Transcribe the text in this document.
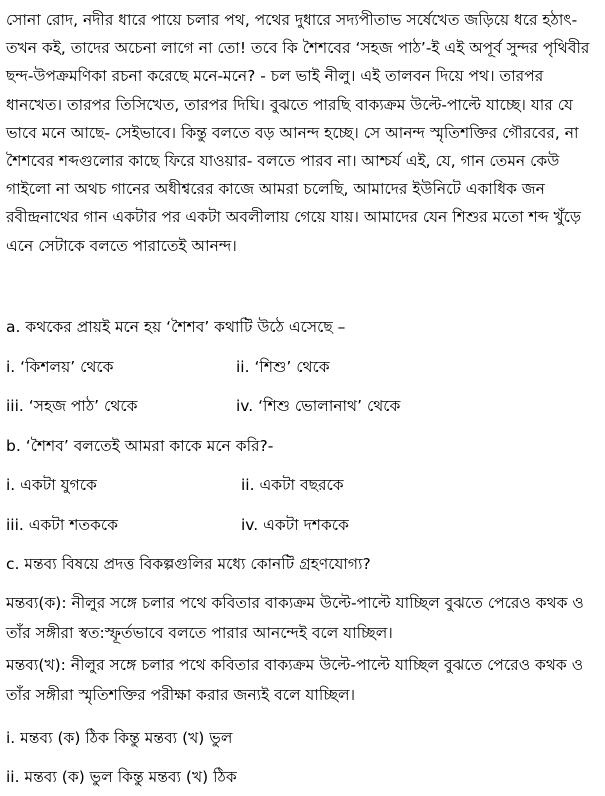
সোনা রোদ, নদীর ধারে পায়ে চলার পথ, পথের দুধারে সদ্যপীতাভ সর্ষেখেত জড়িয়ে ধরে হঠাৎ- তখন কই, তাদের অচেনা লাগে না তো! তবে কি শৈশবের ‘সহজ পাঠ’-ই এই অপূর্ব সুন্দর পৃথিবীর ছন্দ-উপক্রমণিকা রচনা করেছে মনে-মনে? - চল ভাই নীলু। এই তালবন দিয়ে পথ। তারপর ধানখেত। তারপর তিসিখেত, তারপর দিঘি। বুঝতে পারছি বাক্যক্রম উল্টে-পাল্টে যাচ্ছে। যার যে ভাবে মনে আছে- সেইভাবে। কিন্তু বলতে বড় আনন্দ হচ্ছে। সে আনন্দ স্মৃতিশক্তির গৌরবের, না শৈশবের শব্দগুলোর কাছে ফিরে যাওয়ার- বলতে পারব না। আশ্চর্য এই, যে, গান তেমন কেউ গাইলো না অথচ গানের অধীশ্বরের কাজে আমরা চলেছি, আমাদের ইউনিটে একাধিক জন রবীন্দ্রনাথের গান একটার পর একটা অবলীলায় গেয়ে যায়। আমাদের যেন শিশুর মতো শব্দ খুঁড়ে এনে সেটাকে বলতে পারাতেই আনন্দ।

a. কথকের প্রায়ই মনে হয় ‘শৈশব’ কথাটি উঠে এসেছে –

i. ‘কিশলয়’ থেকে	ii. ‘শিশু’ থেকে
iii. ‘সহজ পাঠ’ থেকে	iv. ‘শিশু ভোলানাথ’ থেকে

b. ‘শৈশব’ বলতেই আমরা কাকে মনে করি?-

i. একটা যুগকে	ii. একটা বছরকে
iii. একটা শতককে	iv. একটা দশককে

c. মন্তব্য বিষয়ে প্রদত্ত বিকল্পগুলির মধ্যে কোনটি গ্রহণযোগ্য?

মন্তব্য(ক): নীলুর সঙ্গে চলার পথে কবিতার বাক্যক্রম উল্টে-পাল্টে যাচ্ছিল বুঝতে পেরেও কথক ও তাঁর সঙ্গীরা স্বত:স্ফূর্তভাবে বলতে পারার আনন্দেই বলে যাচ্ছিল।

মন্তব্য(খ): নীলুর সঙ্গে চলার পথে কবিতার বাক্যক্রম উল্টে-পাল্টে যাচ্ছিল বুঝতে পেরেও কথক ও তাঁর সঙ্গীরা স্মৃতিশক্তির পরীক্ষা করার জন্যই বলে যাচ্ছিল।

i. মন্তব্য (ক) ঠিক কিন্তু মন্তব্য (খ) ভুল
ii. মন্তব্য (ক) ভুল কিন্তু মন্তব্য (খ) ঠিক
